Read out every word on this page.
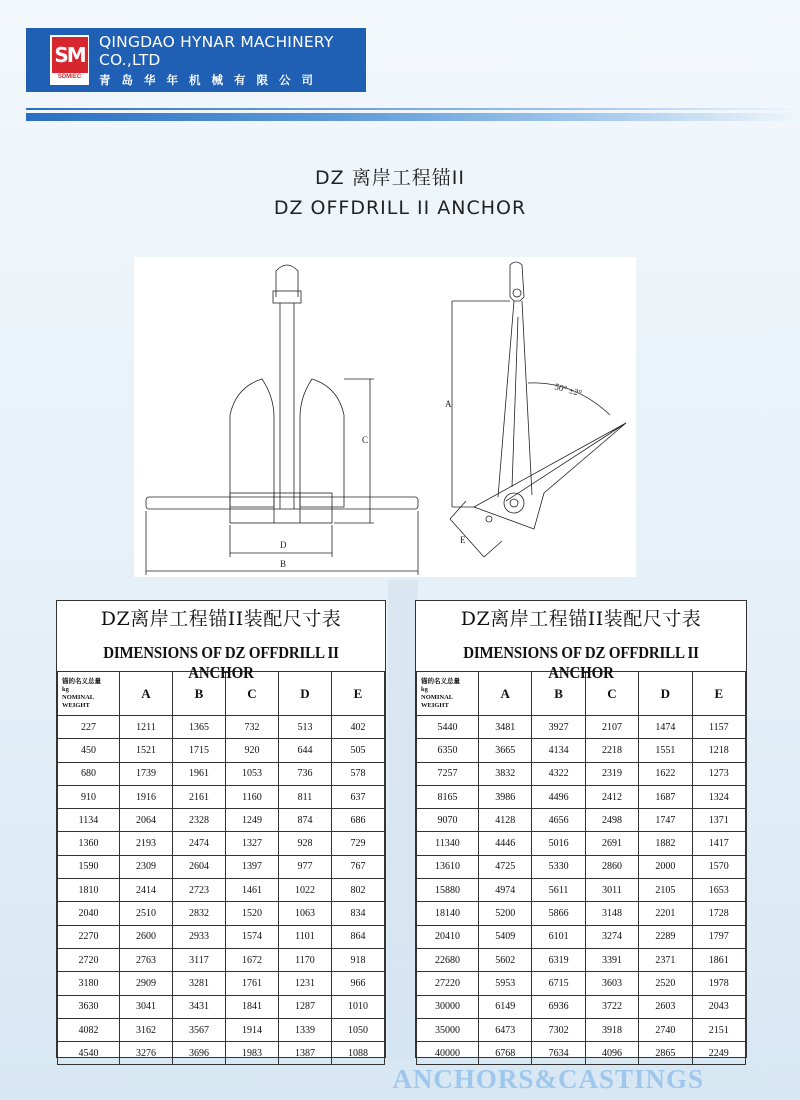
SM
SDMIEC
QINGDAO HYNAR MACHINERY CO.,LTD
青岛华年机械有限公司
DZ 离岸工程锚II
DZ OFFDRILL II ANCHOR
C
D
B
A
E
50° ±2°
DZ离岸工程锚II装配尺寸表
DIMENSIONS OF DZ OFFDRILL II ANCHOR
锚的名义总量
kg
NOMINAL
WEIGHT	A	B	C	D	E
227	1211	1365	732	513	402
450	1521	1715	920	644	505
680	1739	1961	1053	736	578
910	1916	2161	1160	811	637
1134	2064	2328	1249	874	686
1360	2193	2474	1327	928	729
1590	2309	2604	1397	977	767
1810	2414	2723	1461	1022	802
2040	2510	2832	1520	1063	834
2270	2600	2933	1574	1101	864
2720	2763	3117	1672	1170	918
3180	2909	3281	1761	1231	966
3630	3041	3431	1841	1287	1010
4082	3162	3567	1914	1339	1050
4540	3276	3696	1983	1387	1088
DZ离岸工程锚II装配尺寸表
DIMENSIONS OF DZ OFFDRILL II ANCHOR
锚的名义总量
kg
NOMINAL
WEIGHT	A	B	C	D	E
5440	3481	3927	2107	1474	1157
6350	3665	4134	2218	1551	1218
7257	3832	4322	2319	1622	1273
8165	3986	4496	2412	1687	1324
9070	4128	4656	2498	1747	1371
11340	4446	5016	2691	1882	1417
13610	4725	5330	2860	2000	1570
15880	4974	5611	3011	2105	1653
18140	5200	5866	3148	2201	1728
20410	5409	6101	3274	2289	1797
22680	5602	6319	3391	2371	1861
27220	5953	6715	3603	2520	1978
30000	6149	6936	3722	2603	2043
35000	6473	7302	3918	2740	2151
40000	6768	7634	4096	2865	2249
ANCHORS&CASTINGS
